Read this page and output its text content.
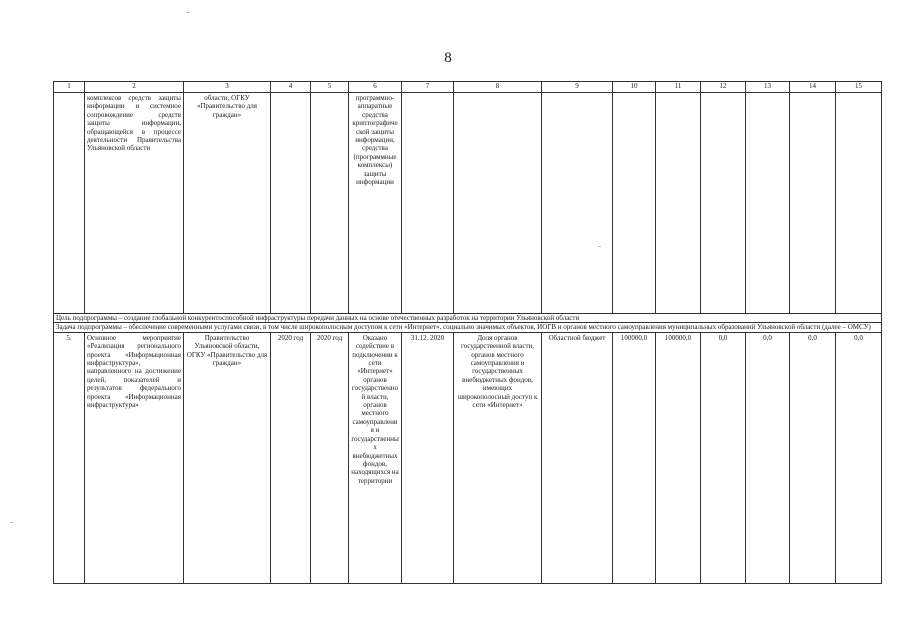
8
1	2	3	4	5	6	7	8	9	10	11	12	13	14	15
	комплексов средств защиты информации и системное сопровождение средств защиты информации, обращающейся в процессе деятельности Правительства Ульяновской области	области, ОГКУ «Правительство для граждан»			программно-аппаратные средства криптографической защиты информации, средства (программные комплексы) защиты информации									
Цель подпрограммы – создание глобальной конкурентоспособной инфраструктуры передачи данных на основе отечественных разработок на территории Ульяновской области														
Задача подпрограммы – обеспечение современными услугами связи, в том числе широкополосным доступом к сети «Интернет», социально значимых объектов, ИОГВ и органов местного самоуправления муниципальных образований Ульяновской области (далее – ОМСУ)														
5.	Основное мероприятие «Реализация регионального проекта «Информационная инфраструктура», направленного на достижение целей, показателей и результатов федерального проекта «Информационная инфраструктура»	Правительство Ульяновской области, ОГКУ «Правительство для граждан»	2020 год	2020 год	Оказано содействие в подключении к сети «Интернет» органов государственной власти, органов местного самоуправления и государственных внебюджетных фондов, находящихся на территории	31.12. 2020	Доля органов государственной власти, органов местного самоуправления и государственных внебюджетных фондов, имеющих широкополосный доступ к сети «Интернет»	Областной бюджет	100000,0	100000,0	0,0	0,0	0,0	0,0
